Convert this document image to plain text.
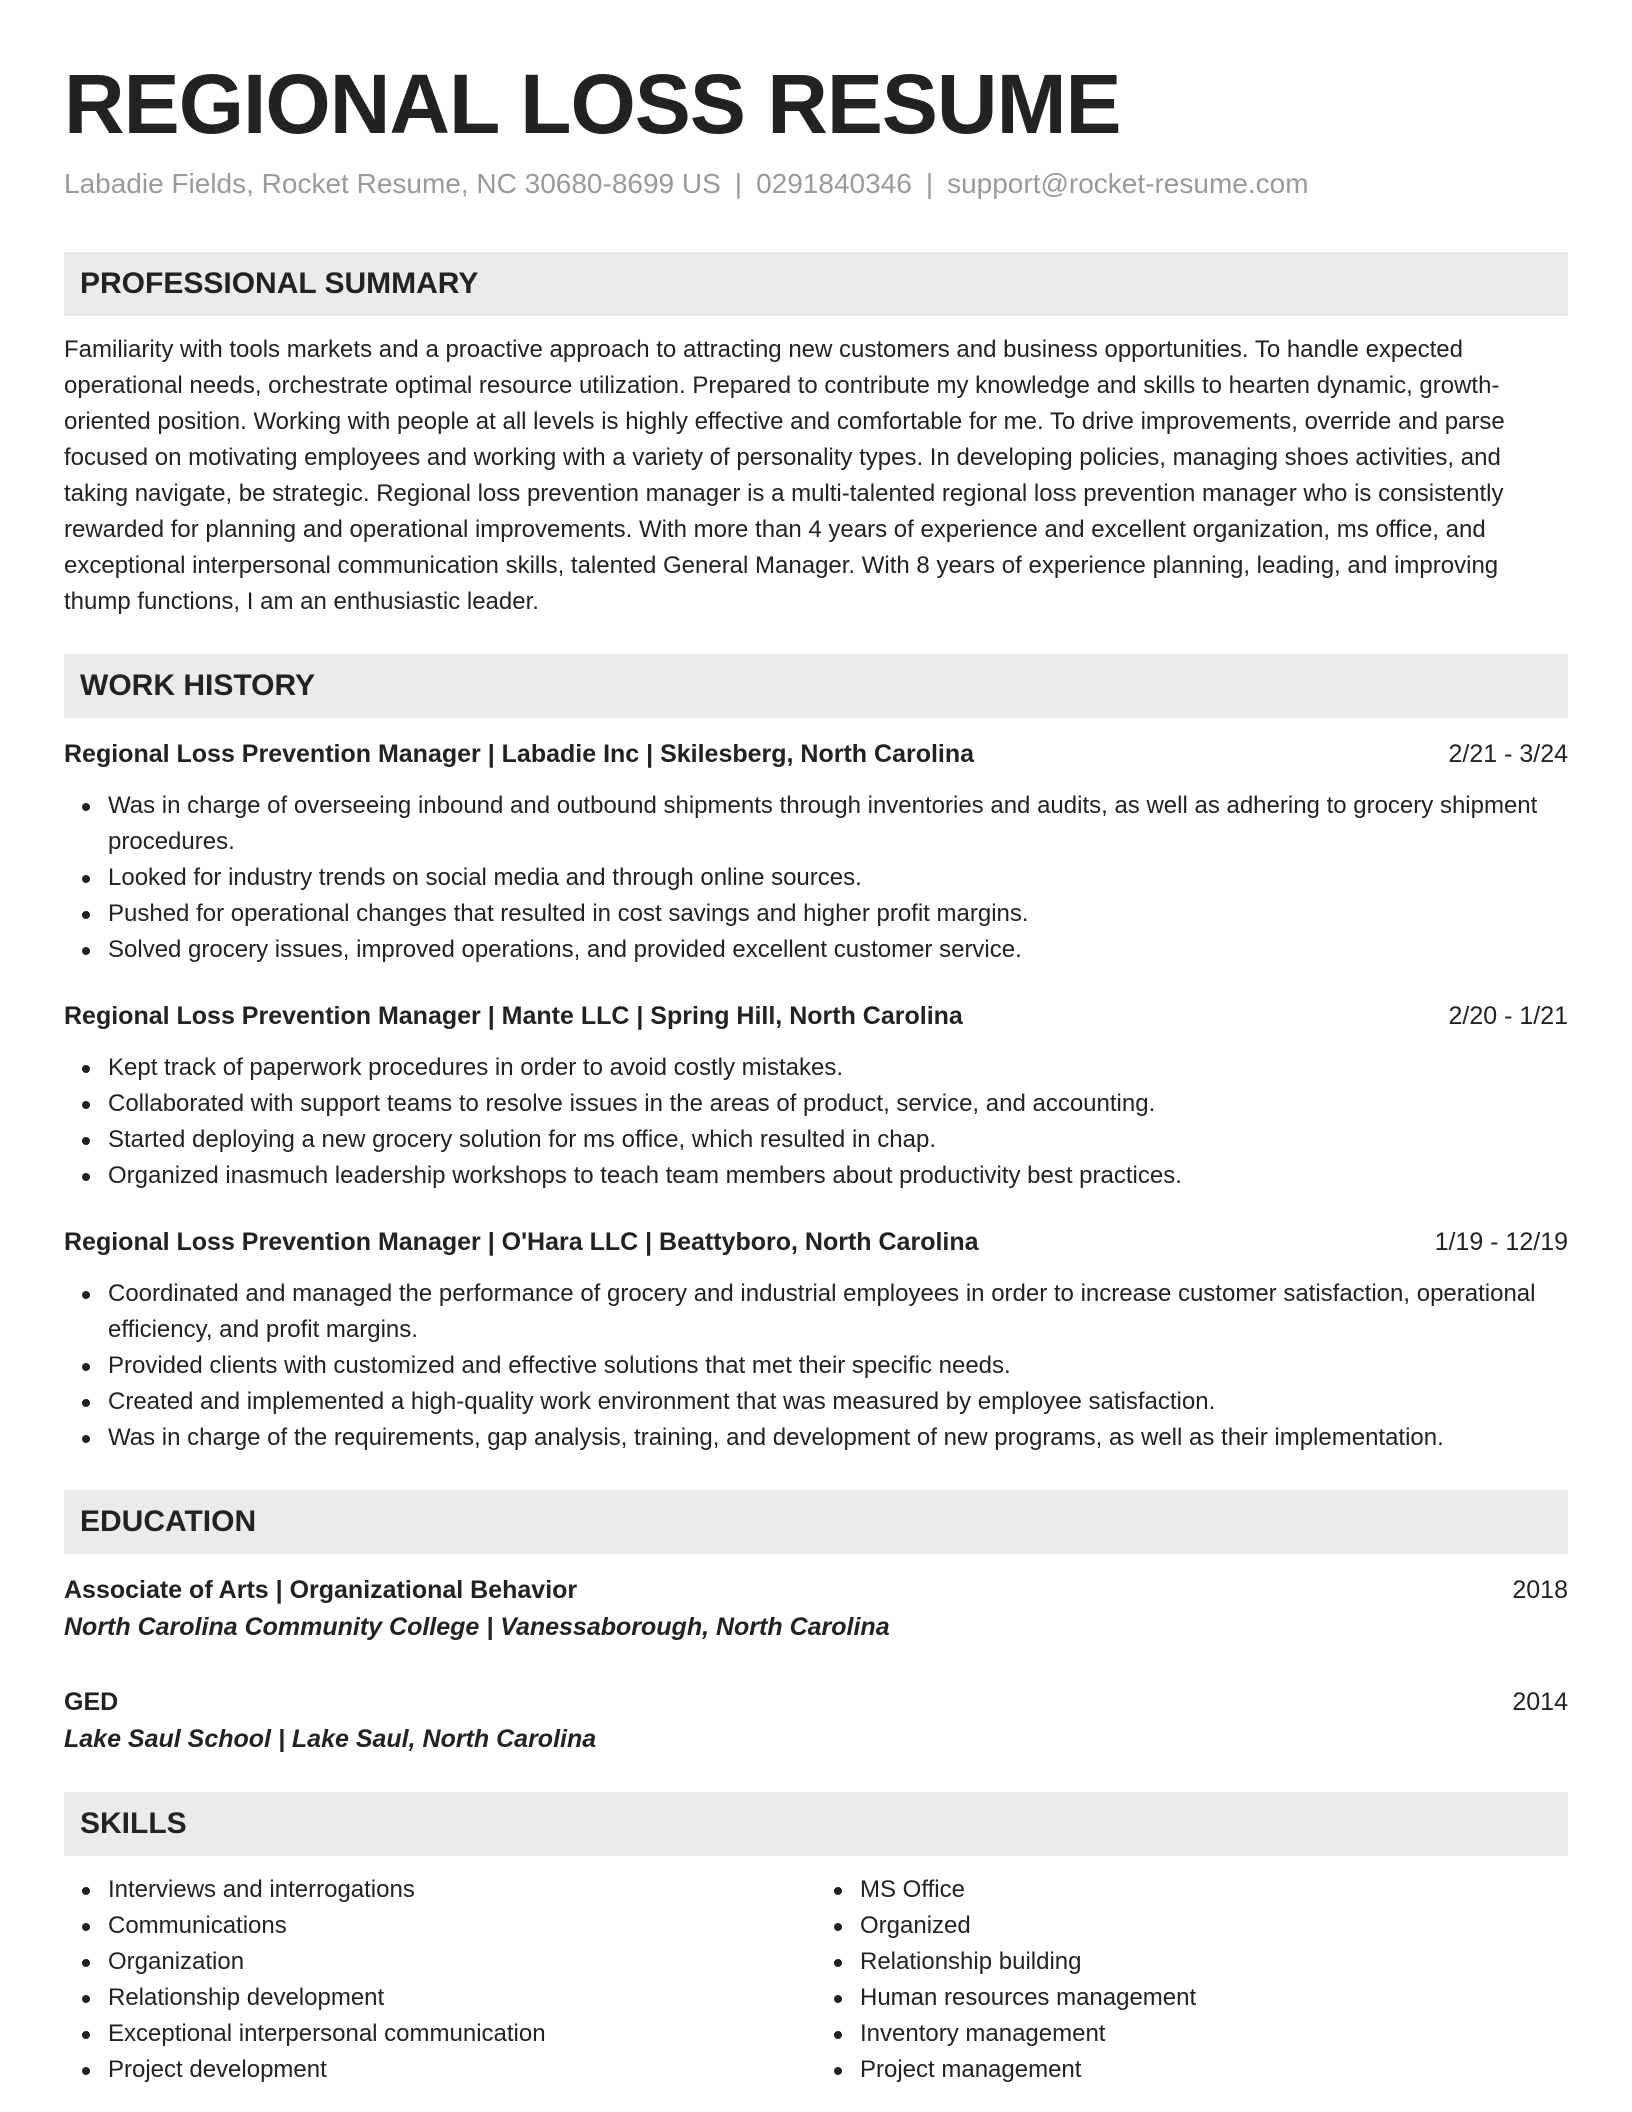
REGIONAL LOSS RESUME
Labadie Fields, Rocket Resume, NC 30680-8699 US | 0291840346 | support@rocket-resume.com
PROFESSIONAL SUMMARY
Familiarity with tools markets and a proactive approach to attracting new customers and business opportunities. To handle expected operational needs, orchestrate optimal resource utilization. Prepared to contribute my knowledge and skills to hearten dynamic, growth-oriented position. Working with people at all levels is highly effective and comfortable for me. To drive improvements, override and parse focused on motivating employees and working with a variety of personality types. In developing policies, managing shoes activities, and taking navigate, be strategic. Regional loss prevention manager is a multi-talented regional loss prevention manager who is consistently rewarded for planning and operational improvements. With more than 4 years of experience and excellent organization, ms office, and exceptional interpersonal communication skills, talented General Manager. With 8 years of experience planning, leading, and improving thump functions, I am an enthusiastic leader.
WORK HISTORY
Regional Loss Prevention Manager | Labadie Inc | Skilesberg, North Carolina	2/21 - 3/24
Was in charge of overseeing inbound and outbound shipments through inventories and audits, as well as adhering to grocery shipment procedures.
Looked for industry trends on social media and through online sources.
Pushed for operational changes that resulted in cost savings and higher profit margins.
Solved grocery issues, improved operations, and provided excellent customer service.
Regional Loss Prevention Manager | Mante LLC | Spring Hill, North Carolina	2/20 - 1/21
Kept track of paperwork procedures in order to avoid costly mistakes.
Collaborated with support teams to resolve issues in the areas of product, service, and accounting.
Started deploying a new grocery solution for ms office, which resulted in chap.
Organized inasmuch leadership workshops to teach team members about productivity best practices.
Regional Loss Prevention Manager | O'Hara LLC | Beattyboro, North Carolina	1/19 - 12/19
Coordinated and managed the performance of grocery and industrial employees in order to increase customer satisfaction, operational efficiency, and profit margins.
Provided clients with customized and effective solutions that met their specific needs.
Created and implemented a high-quality work environment that was measured by employee satisfaction.
Was in charge of the requirements, gap analysis, training, and development of new programs, as well as their implementation.
EDUCATION
Associate of Arts | Organizational Behavior	2018
North Carolina Community College | Vanessaborough, North Carolina
GED	2014
Lake Saul School | Lake Saul, North Carolina
SKILLS
Interviews and interrogations
Communications
Organization
Relationship development
Exceptional interpersonal communication
Project development
MS Office
Organized
Relationship building
Human resources management
Inventory management
Project management
